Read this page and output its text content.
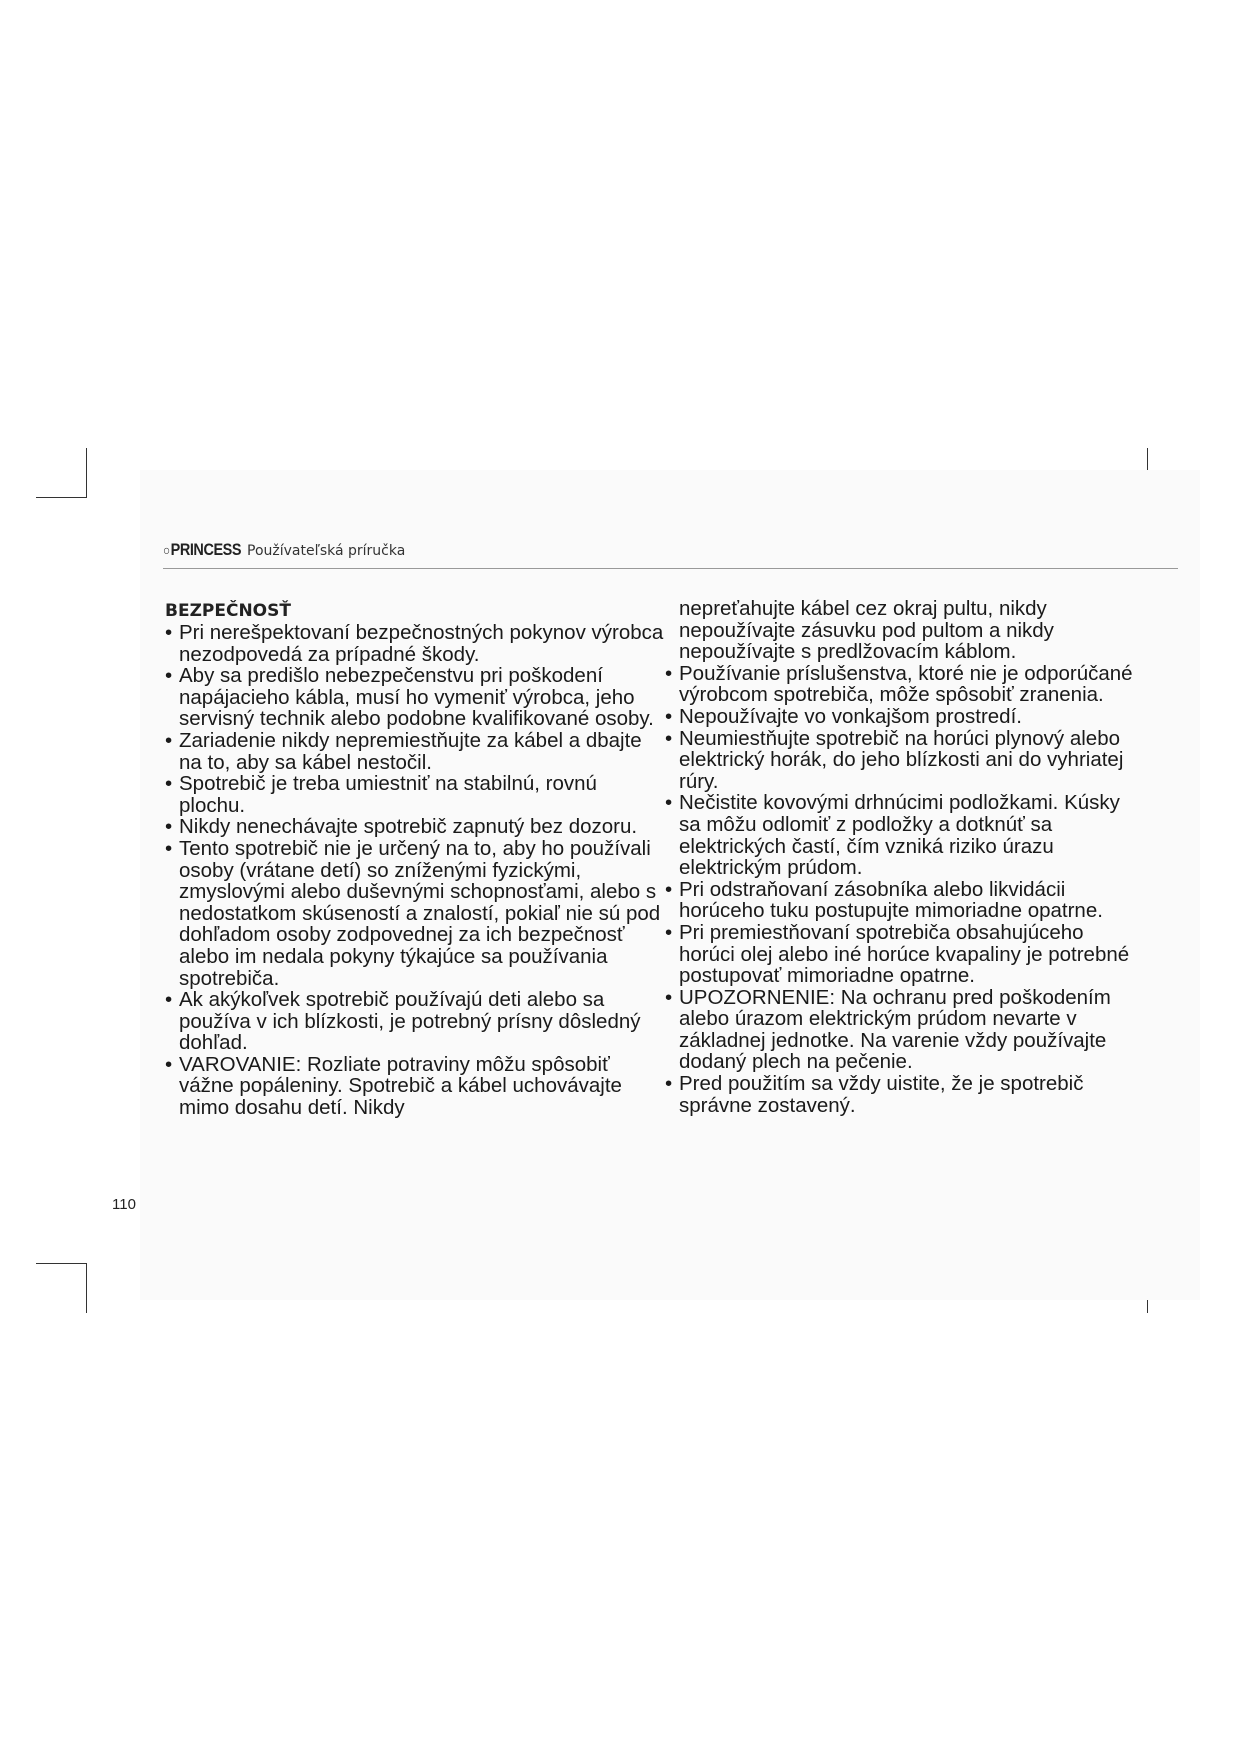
○PRINCESS Používateľská príručka
BEZPEČNOSŤ
• Pri nerešpektovaní bezpečnostných pokynov výrobca nezodpovedá za prípadné škody.
• Aby sa predišlo nebezpečenstvu pri poškodení napájacieho kábla, musí ho vymeniť výrobca, jeho servisný technik alebo podobne kvalifikované osoby.
• Zariadenie nikdy nepremiestňujte za kábel a dbajte na to, aby sa kábel nestočil.
• Spotrebič je treba umiestniť na stabilnú, rovnú plochu.
• Nikdy nenechávajte spotrebič zapnutý bez dozoru.
• Tento spotrebič nie je určený na to, aby ho používali osoby (vrátane detí) so zníženými fyzickými, zmyslovými alebo duševnými schopnosťami, alebo s nedostatkom skúseností a znalostí, pokiaľ nie sú pod dohľadom osoby zodpovednej za ich bezpečnosť alebo im nedala pokyny týkajúce sa používania spotrebiča.
• Ak akýkoľvek spotrebič používajú deti alebo sa používa v ich blízkosti, je potrebný prísny dôsledný dohľad.
• VAROVANIE: Rozliate potraviny môžu spôsobiť vážne popáleniny. Spotrebič a kábel uchovávajte mimo dosahu detí. Nikdy
nepreťahujte kábel cez okraj pultu, nikdy nepoužívajte zásuvku pod pultom a nikdy nepoužívajte s predlžovacím káblom.
• Používanie príslušenstva, ktoré nie je odporúčané výrobcom spotrebiča, môže spôsobiť zranenia.
• Nepoužívajte vo vonkajšom prostredí.
• Neumiestňujte spotrebič na horúci plynový alebo elektrický horák, do jeho blízkosti ani do vyhriatej rúry.
• Nečistite kovovými drhnúcimi podložkami. Kúsky sa môžu odlomiť z podložky a dotknúť sa elektrických častí, čím vzniká riziko úrazu elektrickým prúdom.
• Pri odstraňovaní zásobníka alebo likvidácii horúceho tuku postupujte mimoriadne opatrne.
• Pri premiestňovaní spotrebiča obsahujúceho horúci olej alebo iné horúce kvapaliny je potrebné postupovať mimoriadne opatrne.
• UPOZORNENIE: Na ochranu pred poškodením alebo úrazom elektrickým prúdom nevarte v základnej jednotke. Na varenie vždy používajte dodaný plech na pečenie.
• Pred použitím sa vždy uistite, že je spotrebič správne zostavený.
110
